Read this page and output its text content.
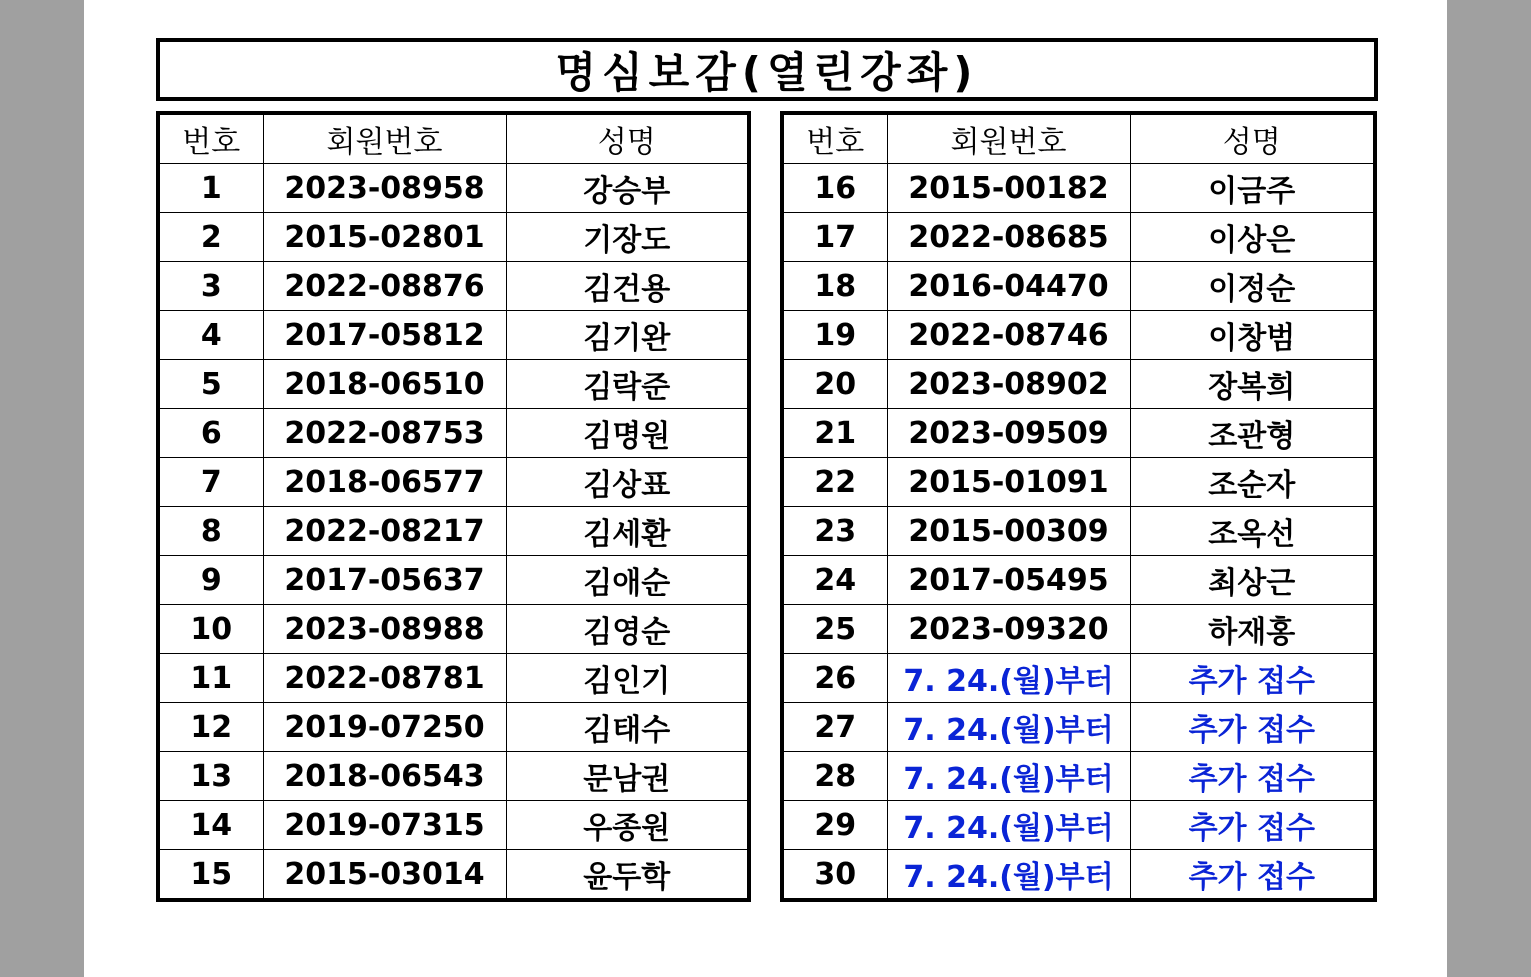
명심보감(열린강좌)
번호	회원번호	성명
1	2023-08958	강승부
2	2015-02801	기장도
3	2022-08876	김건용
4	2017-05812	김기완
5	2018-06510	김락준
6	2022-08753	김명원
7	2018-06577	김상표
8	2022-08217	김세환
9	2017-05637	김애순
10	2023-08988	김영순
11	2022-08781	김인기
12	2019-07250	김태수
13	2018-06543	문남권
14	2019-07315	우종원
15	2015-03014	윤두학
번호	회원번호	성명
16	2015-00182	이금주
17	2022-08685	이상은
18	2016-04470	이정순
19	2022-08746	이창범
20	2023-08902	장복희
21	2023-09509	조관형
22	2015-01091	조순자
23	2015-00309	조옥선
24	2017-05495	최상근
25	2023-09320	하재홍
26	7. 24.(월)부터	추가 접수
27	7. 24.(월)부터	추가 접수
28	7. 24.(월)부터	추가 접수
29	7. 24.(월)부터	추가 접수
30	7. 24.(월)부터	추가 접수
